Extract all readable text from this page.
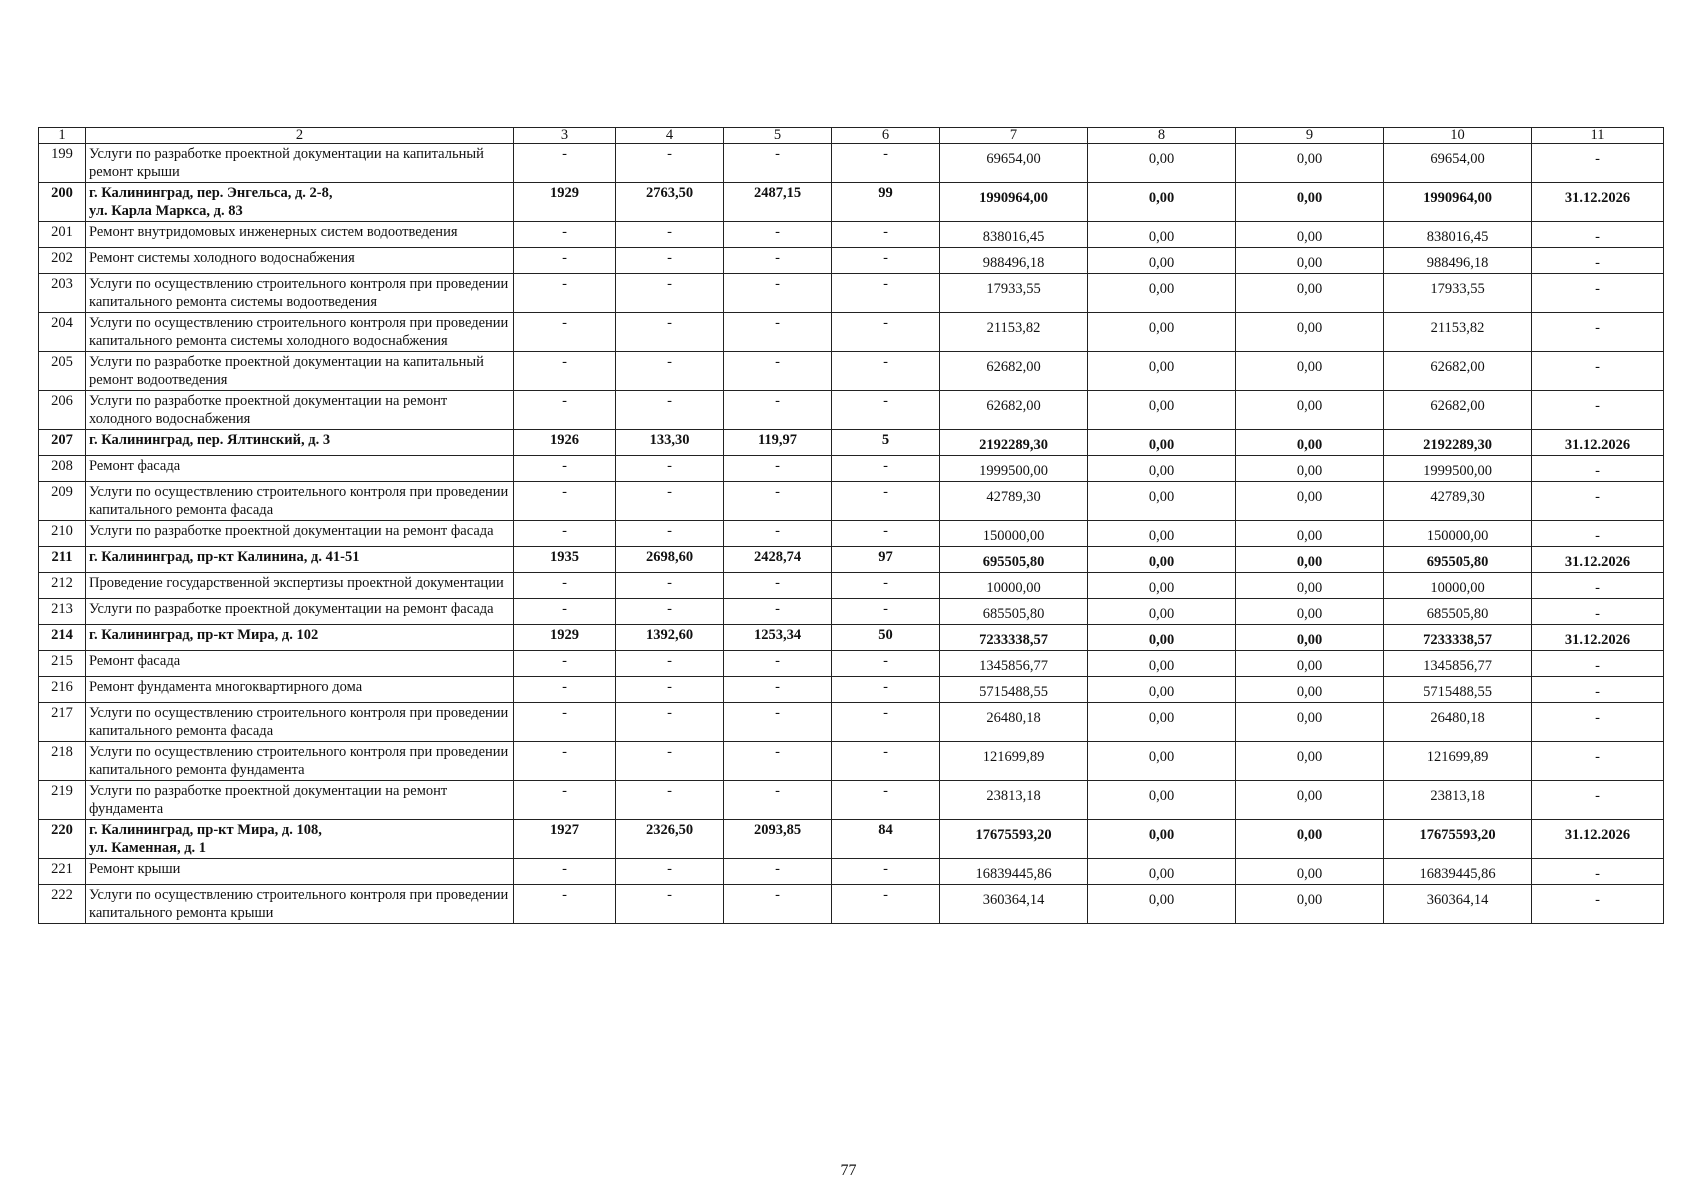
1	2	3	4	5	6	7	8	9	10	11
199	Услуги по разработке проектной документации на капитальный ремонт крыши	-	-	-	-	69654,00	0,00	0,00	69654,00	-
200	г. Калининград, пер. Энгельса, д. 2-8,
ул. Карла Маркса, д. 83	1929	2763,50	2487,15	99	1990964,00	0,00	0,00	1990964,00	31.12.2026
201	Ремонт внутридомовых инженерных систем водоотведения	-	-	-	-	838016,45	0,00	0,00	838016,45	-
202	Ремонт системы холодного водоснабжения	-	-	-	-	988496,18	0,00	0,00	988496,18	-
203	Услуги по осуществлению строительного контроля при проведении капитального ремонта системы водоотведения	-	-	-	-	17933,55	0,00	0,00	17933,55	-
204	Услуги по осуществлению строительного контроля при проведении капитального ремонта системы холодного водоснабжения	-	-	-	-	21153,82	0,00	0,00	21153,82	-
205	Услуги по разработке проектной документации на капитальный ремонт водоотведения	-	-	-	-	62682,00	0,00	0,00	62682,00	-
206	Услуги по разработке проектной документации на ремонт холодного водоснабжения	-	-	-	-	62682,00	0,00	0,00	62682,00	-
207	г. Калининград, пер. Ялтинский, д. 3	1926	133,30	119,97	5	2192289,30	0,00	0,00	2192289,30	31.12.2026
208	Ремонт фасада	-	-	-	-	1999500,00	0,00	0,00	1999500,00	-
209	Услуги по осуществлению строительного контроля при проведении капитального ремонта фасада	-	-	-	-	42789,30	0,00	0,00	42789,30	-
210	Услуги по разработке проектной документации на ремонт фасада	-	-	-	-	150000,00	0,00	0,00	150000,00	-
211	г. Калининград, пр-кт Калинина, д. 41-51	1935	2698,60	2428,74	97	695505,80	0,00	0,00	695505,80	31.12.2026
212	Проведение государственной экспертизы проектной документации	-	-	-	-	10000,00	0,00	0,00	10000,00	-
213	Услуги по разработке проектной документации на ремонт фасада	-	-	-	-	685505,80	0,00	0,00	685505,80	-
214	г. Калининград, пр-кт Мира, д. 102	1929	1392,60	1253,34	50	7233338,57	0,00	0,00	7233338,57	31.12.2026
215	Ремонт фасада	-	-	-	-	1345856,77	0,00	0,00	1345856,77	-
216	Ремонт фундамента многоквартирного дома	-	-	-	-	5715488,55	0,00	0,00	5715488,55	-
217	Услуги по осуществлению строительного контроля при проведении капитального ремонта фасада	-	-	-	-	26480,18	0,00	0,00	26480,18	-
218	Услуги по осуществлению строительного контроля при проведении капитального ремонта фундамента	-	-	-	-	121699,89	0,00	0,00	121699,89	-
219	Услуги по разработке проектной документации на ремонт фундамента	-	-	-	-	23813,18	0,00	0,00	23813,18	-
220	г. Калининград, пр-кт Мира, д. 108,
ул. Каменная, д. 1	1927	2326,50	2093,85	84	17675593,20	0,00	0,00	17675593,20	31.12.2026
221	Ремонт крыши	-	-	-	-	16839445,86	0,00	0,00	16839445,86	-
222	Услуги по осуществлению строительного контроля при проведении капитального ремонта крыши	-	-	-	-	360364,14	0,00	0,00	360364,14	-
77
